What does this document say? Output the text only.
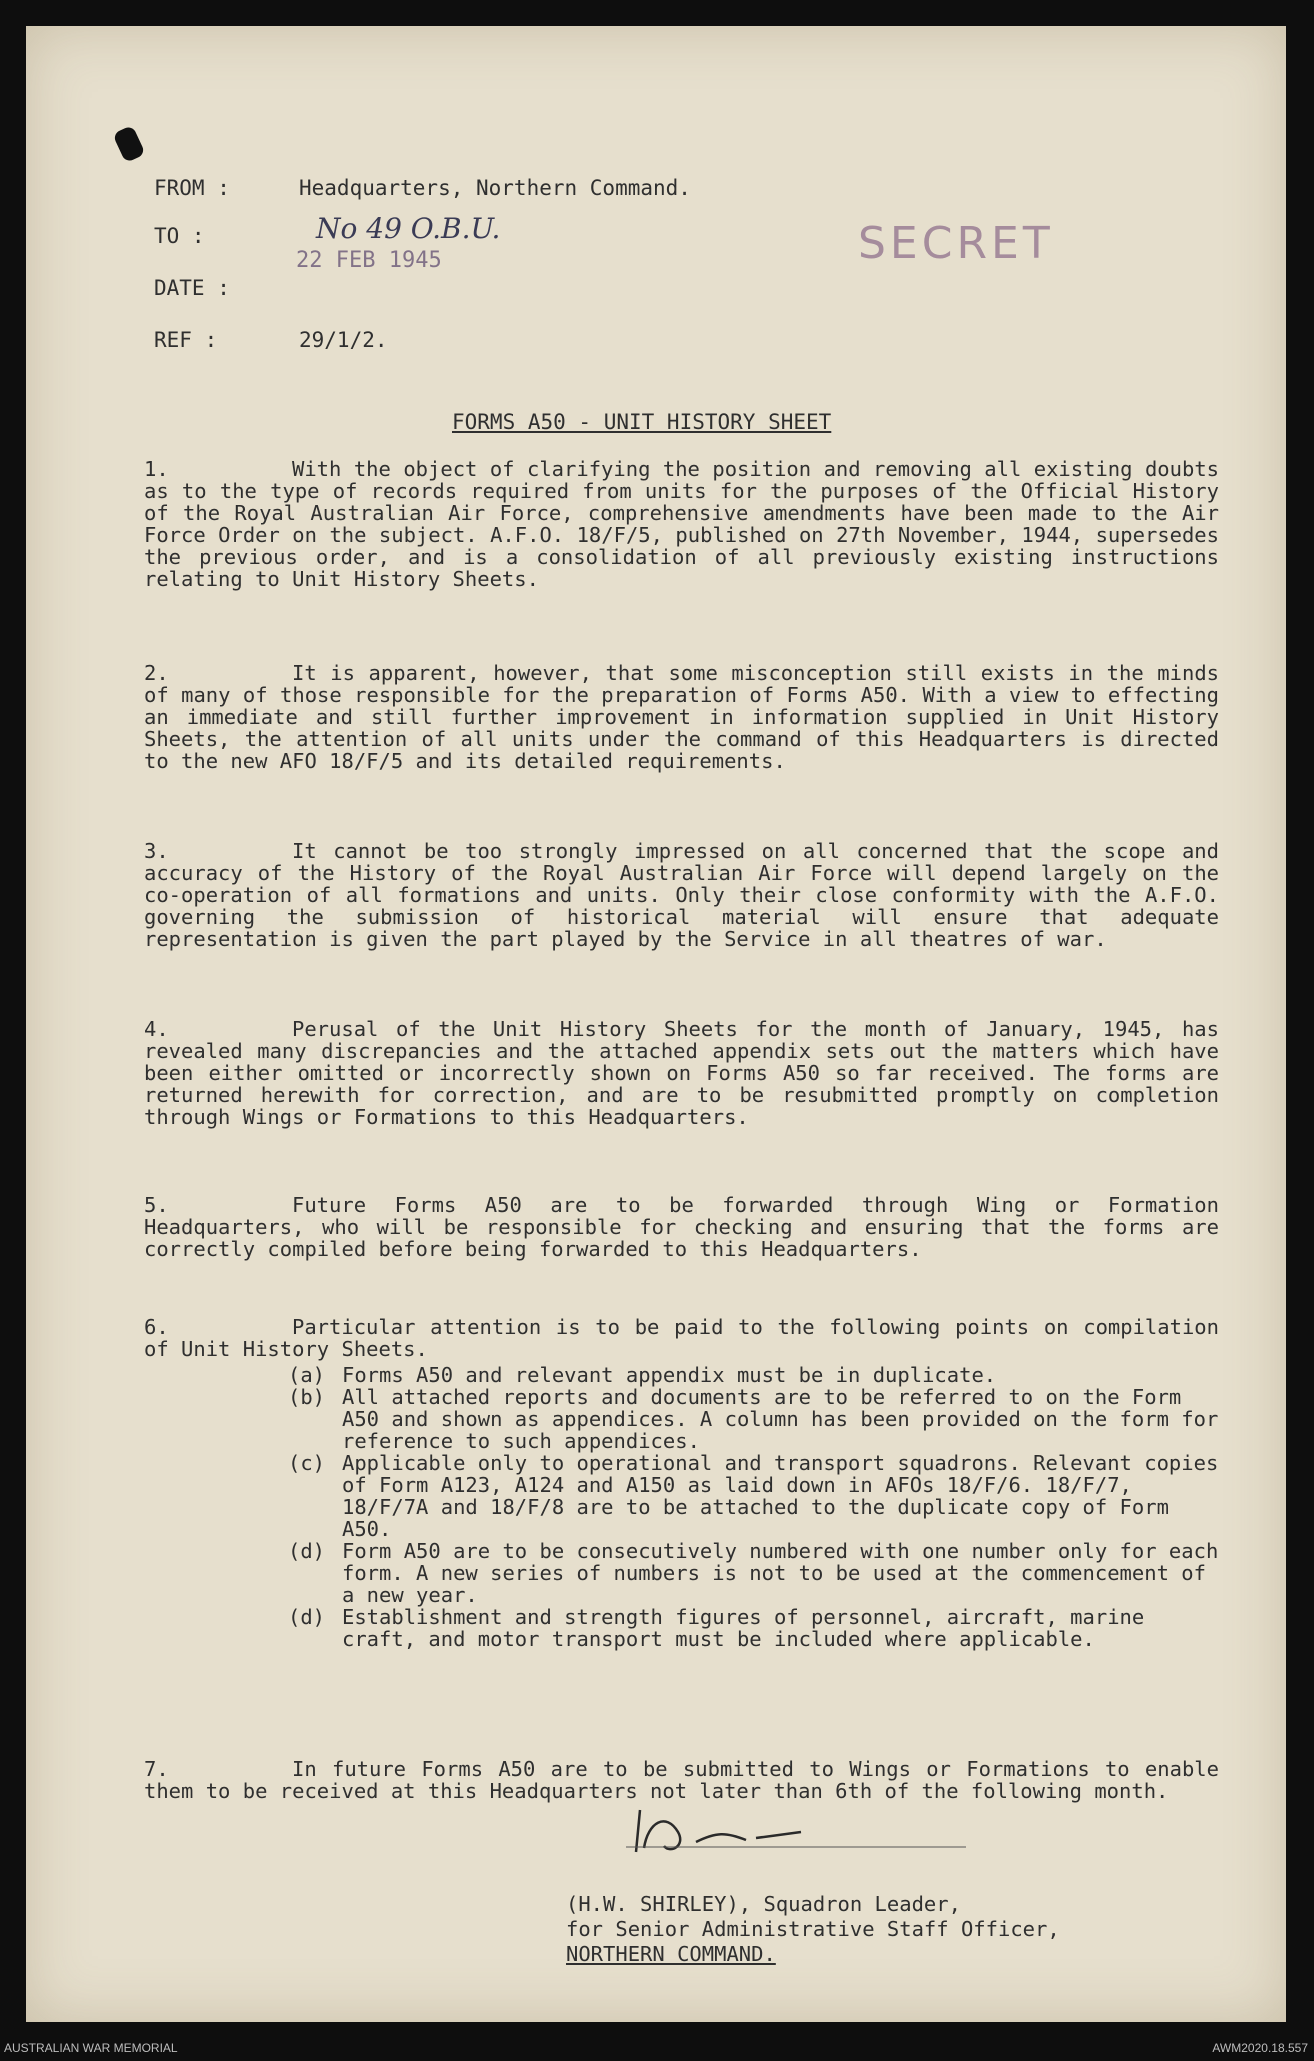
FROM :	Headquarters, Northern Command.
TO :	No 49 O.B.U.
22 FEB 1945
DATE :
REF :	29/1/2.
SECRET
FORMS A50 - UNIT HISTORY SHEET
1.	With the object of clarifying the position and removing all existing doubts as to the type of records required from units for the purposes of the Official History of the Royal Australian Air Force, comprehensive amendments have been made to the Air Force Order on the subject. A.F.O. 18/F/5, published on 27th November, 1944, supersedes the previous order, and is a consolidation of all previously existing instructions relating to Unit History Sheets.
2.	It is apparent, however, that some misconception still exists in the minds of many of those responsible for the preparation of Forms A50. With a view to effecting an immediate and still further improvement in information supplied in Unit History Sheets, the attention of all units under the command of this Headquarters is directed to the new AFO 18/F/5 and its detailed requirements.
3.	It cannot be too strongly impressed on all concerned that the scope and accuracy of the History of the Royal Australian Air Force will depend largely on the co-operation of all formations and units. Only their close conformity with the A.F.O. governing the submission of historical material will ensure that adequate representation is given the part played by the Service in all theatres of war.
4.	Perusal of the Unit History Sheets for the month of January, 1945, has revealed many discrepancies and the attached appendix sets out the matters which have been either omitted or incorrectly shown on Forms A50 so far received. The forms are returned herewith for correction, and are to be resubmitted promptly on completion through Wings or Formations to this Headquarters.
5.	Future Forms A50 are to be forwarded through Wing or Formation Headquarters, who will be responsible for checking and ensuring that the forms are correctly compiled before being forwarded to this Headquarters.
6.	Particular attention is to be paid to the following points on compilation of Unit History Sheets.
(a) Forms A50 and relevant appendix must be in duplicate.
(b) All attached reports and documents are to be referred to on the Form A50 and shown as appendices. A column has been provided on the form for reference to such appendices.
(c) Applicable only to operational and transport squadrons. Relevant copies of Form A123, A124 and A150 as laid down in AFOs 18/F/6. 18/F/7, 18/F/7A and 18/F/8 are to be attached to the duplicate copy of Form A50.
(d) Form A50 are to be consecutively numbered with one number only for each form. A new series of numbers is not to be used at the commencement of a new year.
(d) Establishment and strength figures of personnel, aircraft, marine craft, and motor transport must be included where applicable.
7.	In future Forms A50 are to be submitted to Wings or Formations to enable them to be received at this Headquarters not later than 6th of the following month.
(H.W. SHIRLEY), Squadron Leader,
for Senior Administrative Staff Officer,
NORTHERN COMMAND.
AUSTRALIAN WAR MEMORIAL	AWM2020.18.557
